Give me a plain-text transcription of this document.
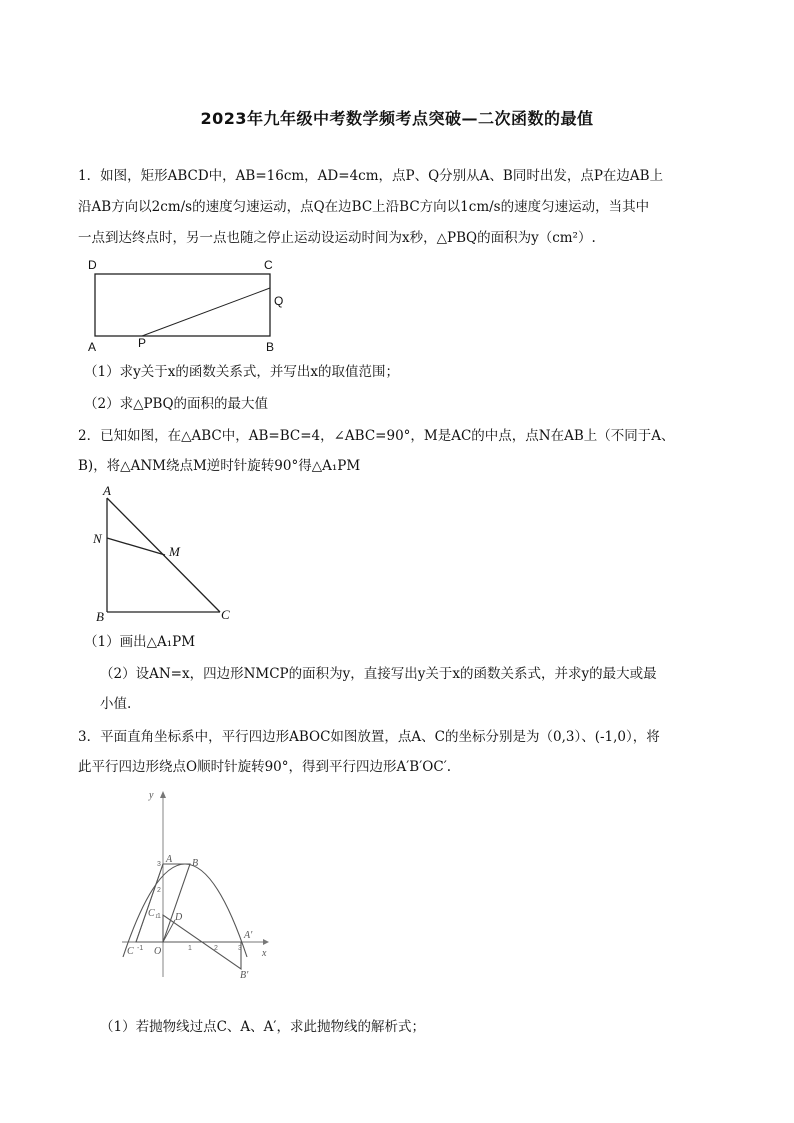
2023年九年级中考数学频考点突破—二次函数的最值
1．如图，矩形ABCD中，AB=16cm，AD=4cm，点P、Q分别从A、B同时出发，点P在边AB上
沿AB方向以2cm/s的速度匀速运动，点Q在边BC上沿BC方向以1cm/s的速度匀速运动，当其中
一点到达终点时，另一点也随之停止运动设运动时间为x秒，△PBQ的面积为y（cm²）.
D	C
Q
A	P	B
（1）求y关于x的函数关系式，并写出x的取值范围；
（2）求△PBQ的面积的最大值
2．已知如图，在△ABC中，AB=BC=4，∠ABC=90°，M是AC的中点，点N在AB上（不同于A、
B)，将△ANM绕点M逆时针旋转90°得△A₁PM
A
N
M
B	C
（1）画出△A₁PM
（2）设AN=x，四边形NMCP的面积为y，直接写出y关于x的函数关系式，并求y的最大或最
小值.
3．平面直角坐标系中，平行四边形ABOC如图放置，点A、C的坐标分别是为（0,3）、(-1,0），将
此平行四边形绕点O顺时针旋转90°，得到平行四边形A′B′OC′.
y
x
A B
C₁ D
C O
A'
B'
3
2
1
-1	1	2	3
（1）若抛物线过点C、A、A′，求此抛物线的解析式；
